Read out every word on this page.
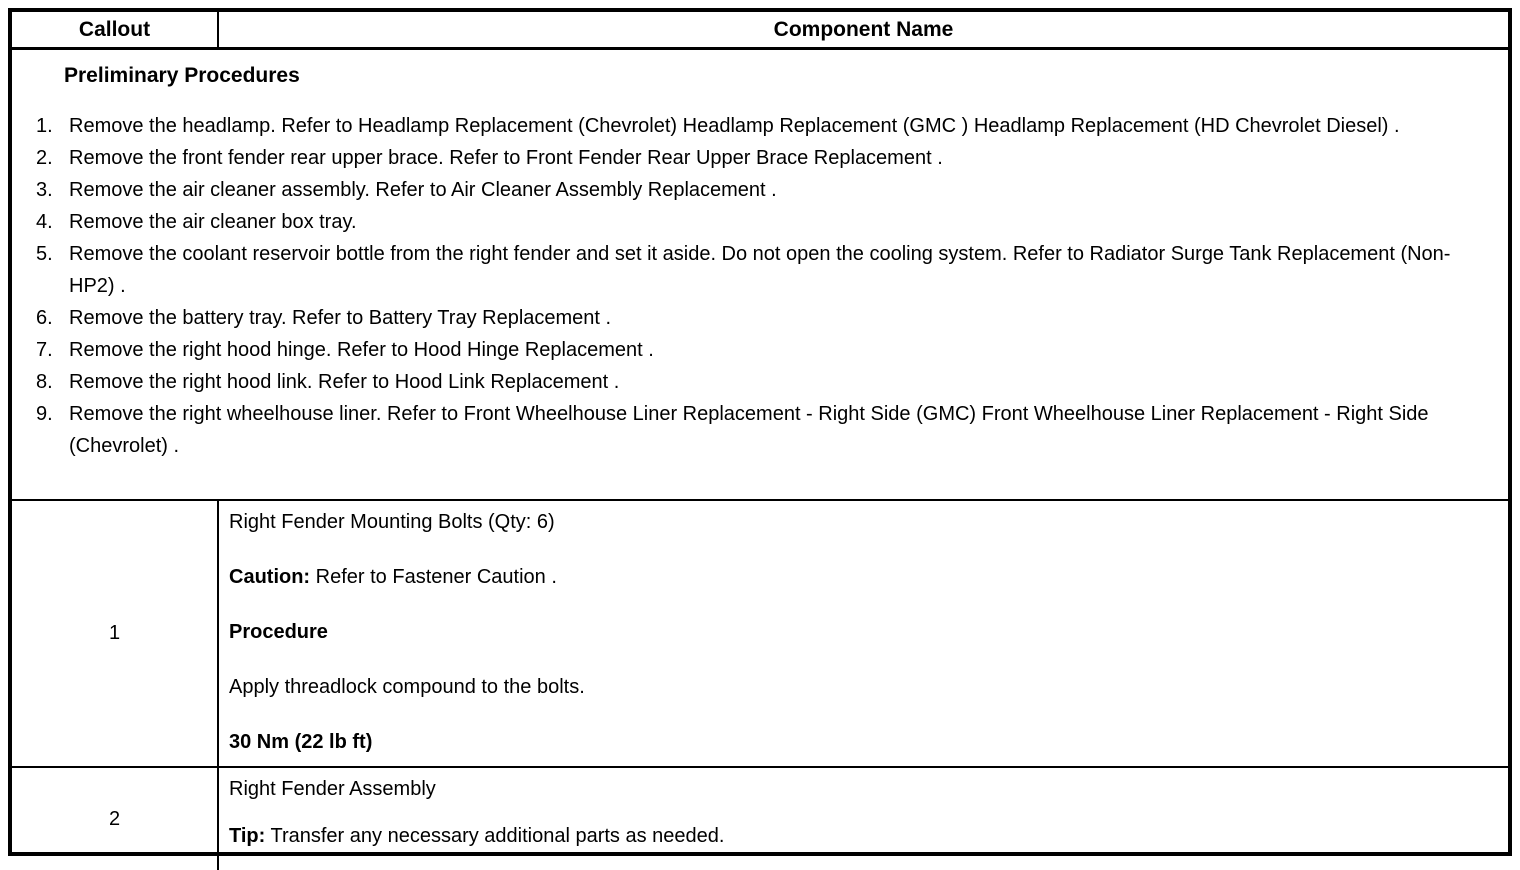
Callout	Component Name
Preliminary Procedures
1. Remove the headlamp. Refer to Headlamp Replacement (Chevrolet) Headlamp Replacement (GMC ) Headlamp Replacement (HD Chevrolet Diesel) .
2. Remove the front fender rear upper brace. Refer to Front Fender Rear Upper Brace Replacement .
3. Remove the air cleaner assembly. Refer to Air Cleaner Assembly Replacement .
4. Remove the air cleaner box tray.
5. Remove the coolant reservoir bottle from the right fender and set it aside. Do not open the cooling system. Refer to Radiator Surge Tank Replacement (Non-HP2) .
6. Remove the battery tray. Refer to Battery Tray Replacement .
7. Remove the right hood hinge. Refer to Hood Hinge Replacement .
8. Remove the right hood link. Refer to Hood Link Replacement .
9. Remove the right wheelhouse liner. Refer to Front Wheelhouse Liner Replacement - Right Side (GMC) Front Wheelhouse Liner Replacement - Right Side (Chevrolet) .
1

Right Fender Mounting Bolts (Qty: 6)

Caution: Refer to Fastener Caution .

Procedure

Apply threadlock compound to the bolts.

30 Nm (22 lb ft)

2

Right Fender Assembly

Tip: Transfer any necessary additional parts as needed.
